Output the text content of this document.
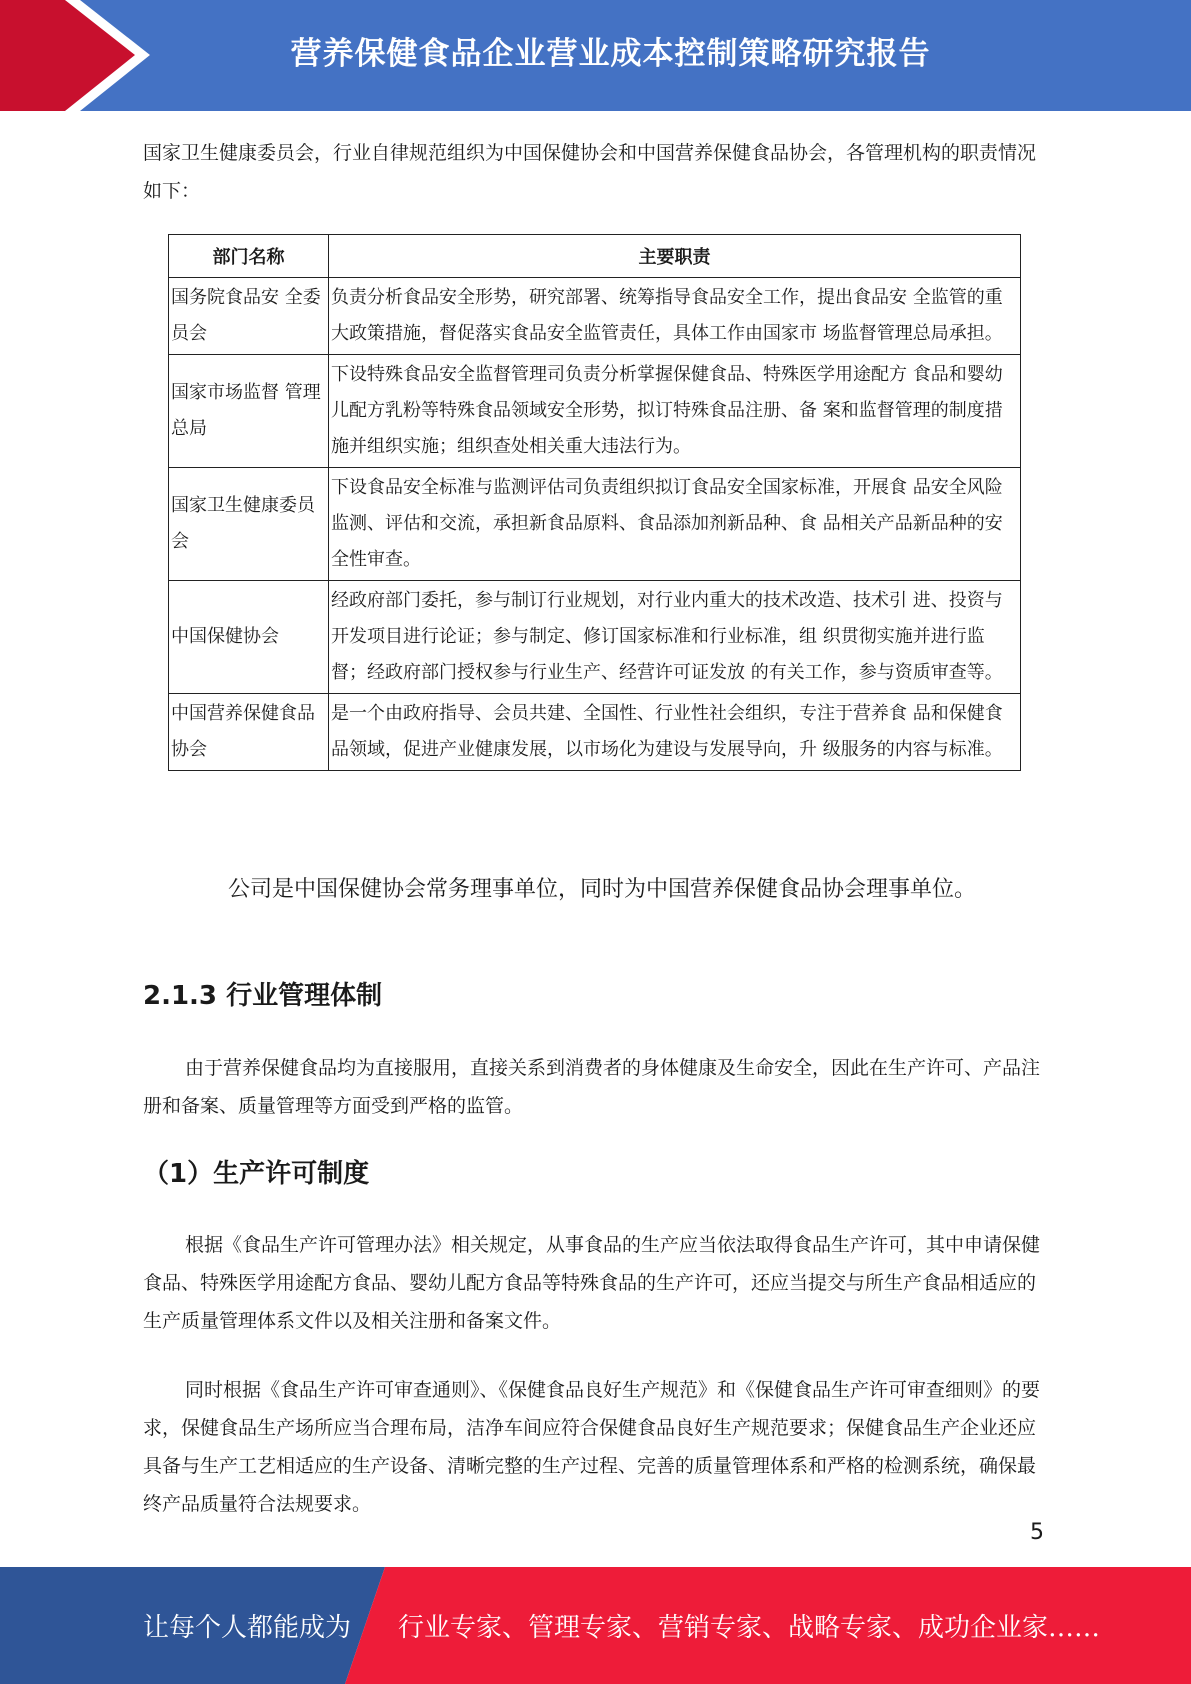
营养保健食品企业营业成本控制策略研究报告

国家卫生健康委员会，行业自律规范组织为中国保健协会和中国营养保健食品协会，各管理机构的职责情况如下：

部门名称	主要职责
国务院食品安 全委员会	负责分析食品安全形势，研究部署、统筹指导食品安全工作，提出食品安 全监管的重大政策措施，督促落实食品安全监管责任，具体工作由国家市 场监督管理总局承担。
国家市场监督 管理总局	下设特殊食品安全监督管理司负责分析掌握保健食品、特殊医学用途配方 食品和婴幼儿配方乳粉等特殊食品领域安全形势，拟订特殊食品注册、备 案和监督管理的制度措施并组织实施；组织查处相关重大违法行为。
国家卫生健康委员会	下设食品安全标准与监测评估司负责组织拟订食品安全国家标准，开展食 品安全风险监测、评估和交流，承担新食品原料、食品添加剂新品种、食 品相关产品新品种的安全性审查。
中国保健协会	经政府部门委托，参与制订行业规划，对行业内重大的技术改造、技术引 进、投资与开发项目进行论证；参与制定、修订国家标准和行业标准，组 织贯彻实施并进行监督；经政府部门授权参与行业生产、经营许可证发放 的有关工作，参与资质审查等。
中国营养保健食品协会	是一个由政府指导、会员共建、全国性、行业性社会组织，专注于营养食 品和保健食品领域，促进产业健康发展，以市场化为建设与发展导向，升 级服务的内容与标准。

公司是中国保健协会常务理事单位，同时为中国营养保健食品协会理事单位。

2.1.3 行业管理体制

由于营养保健食品均为直接服用，直接关系到消费者的身体健康及生命安全，因此在生产许可、产品注册和备案、质量管理等方面受到严格的监管。

（1）生产许可制度

根据《食品生产许可管理办法》相关规定，从事食品的生产应当依法取得食品生产许可，其中申请保健食品、特殊医学用途配方食品、婴幼儿配方食品等特殊食品的生产许可，还应当提交与所生产食品相适应的生产质量管理体系文件以及相关注册和备案文件。

同时根据《食品生产许可审查通则》、《保健食品良好生产规范》和《保健食品生产许可审查细则》的要求，保健食品生产场所应当合理布局，洁净车间应符合保健食品良好生产规范要求；保健食品生产企业还应具备与生产工艺相适应的生产设备、清晰完整的生产过程、完善的质量管理体系和严格的检测系统，确保最终产品质量符合法规要求。

5
让每个人都能成为 行业专家、管理专家、营销专家、战略专家、成功企业家……
